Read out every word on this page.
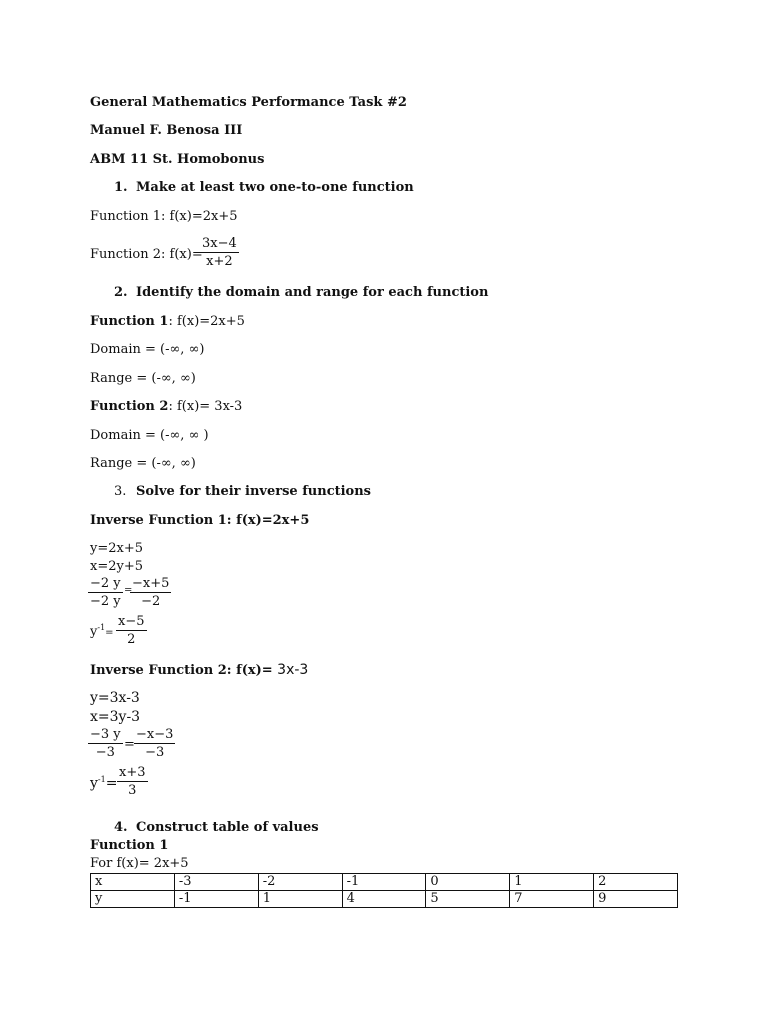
General Mathematics Performance Task #2
Manuel F. Benosa III
ABM 11 St. Homobonus
1. Make at least two one-to-one function
Function 1: f(x)=2x+5
Function 2: f(x)=
$\frac{3x-4}{x+2}$
2. Identify the domain and range for each function
Function 1: f(x)=2x+5
Domain = (-∞, ∞)
Range = (-∞, ∞)
Function 2: f(x)= 3x-3
Domain = (-∞, ∞ )
Range = (-∞, ∞)
3. Solve for their inverse functions
Inverse Function 1: f(x)=2x+5
y=2x+5
x=2y+5
$\frac{-2 y}{-2 y}$ =
$\frac{-x+5}{-2}$
$y^{-1}= \frac{x-5}{2}$
Inverse Function 2: f(x)= 3x-3
y=3x-3
x=3y-3
$\frac{-3 y}{-3} = \frac{-x-3}{-3}$
$y^{-1}= \frac{x+3}{3}$
4. Construct table of values
Function 1
For f(x)= 2x+5
x	-3	-2	-1	0	1	2
y	-1	1	4	5	7	9
